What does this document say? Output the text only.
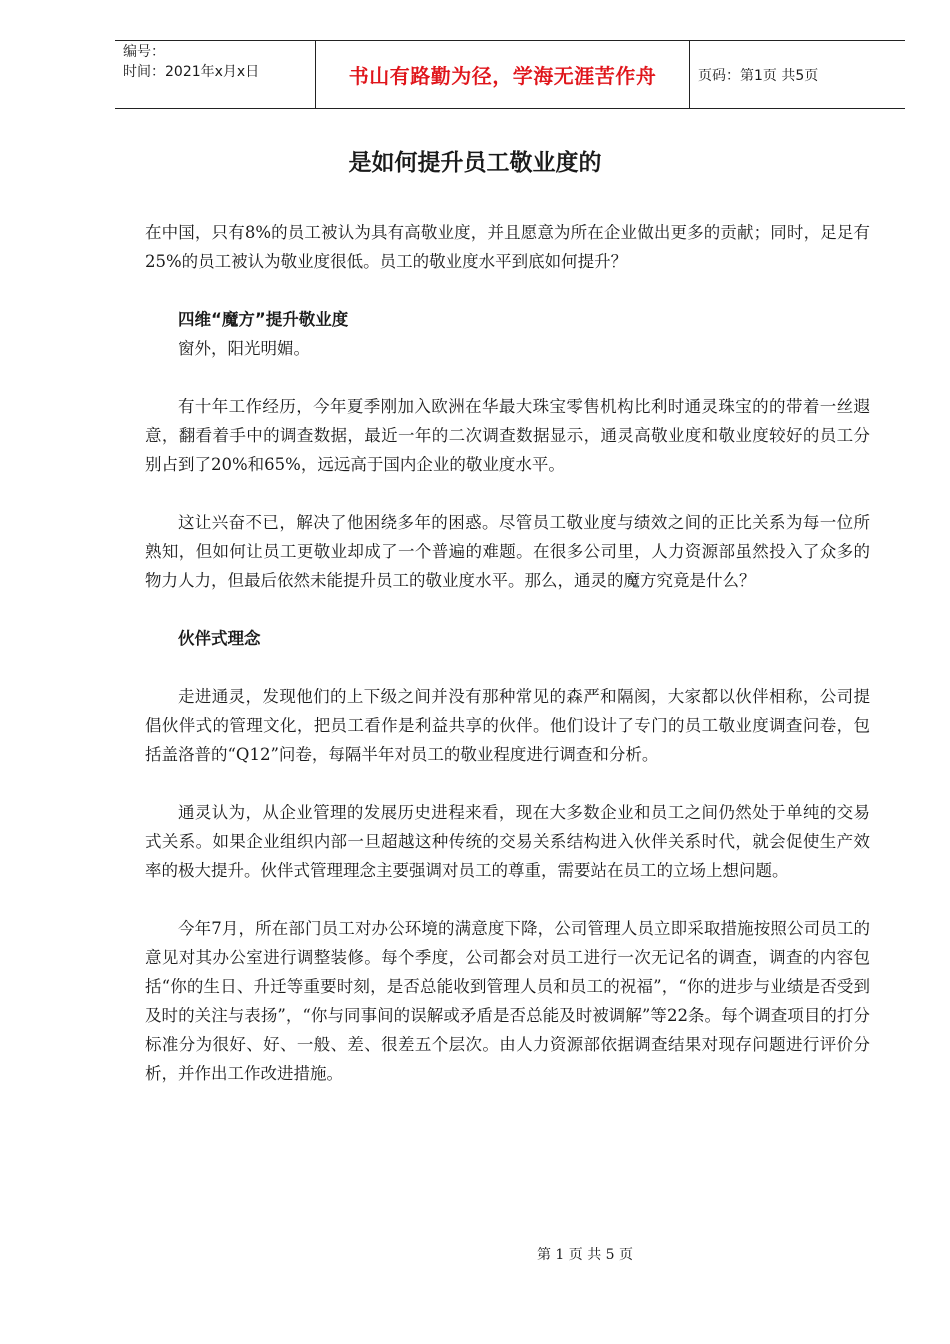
编号：
时间：2021年x月x日	书山有路勤为径，学海无涯苦作舟	页码：第1页 共5页
是如何提升员工敬业度的

在中国，只有8%的员工被认为具有高敬业度，并且愿意为所在企业做出更多的贡献；同时，足足有25%的员工被认为敬业度很低。员工的敬业度水平到底如何提升？

四维“魔方”提升敬业度

窗外，阳光明媚。

有十年工作经历，今年夏季刚加入欧洲在华最大珠宝零售机构比利时通灵珠宝的的带着一丝遐意，翻看着手中的调查数据，最近一年的二次调查数据显示，通灵高敬业度和敬业度较好的员工分别占到了20%和65%，远远高于国内企业的敬业度水平。

这让兴奋不已，解决了他困绕多年的困惑。尽管员工敬业度与绩效之间的正比关系为每一位所熟知，但如何让员工更敬业却成了一个普遍的难题。在很多公司里，人力资源部虽然投入了众多的物力人力，但最后依然未能提升员工的敬业度水平。那么，通灵的魔方究竟是什么？

伙伴式理念

走进通灵，发现他们的上下级之间并没有那种常见的森严和隔阂，大家都以伙伴相称，公司提倡伙伴式的管理文化，把员工看作是利益共享的伙伴。他们设计了专门的员工敬业度调查问卷，包括盖洛普的“Q12”问卷，每隔半年对员工的敬业程度进行调查和分析。

通灵认为，从企业管理的发展历史进程来看，现在大多数企业和员工之间仍然处于单纯的交易式关系。如果企业组织内部一旦超越这种传统的交易关系结构进入伙伴关系时代，就会促使生产效率的极大提升。伙伴式管理理念主要强调对员工的尊重，需要站在员工的立场上想问题。

今年7月，所在部门员工对办公环境的满意度下降，公司管理人员立即采取措施按照公司员工的意见对其办公室进行调整装修。每个季度，公司都会对员工进行一次无记名的调查，调查的内容包括“你的生日、升迁等重要时刻，是否总能收到管理人员和员工的祝福”，“你的进步与业绩是否受到及时的关注与表扬”，“你与同事间的误解或矛盾是否总能及时被调解”等22条。每个调查项目的打分标准分为很好、好、一般、差、很差五个层次。由人力资源部依据调查结果对现存问题进行评价分析，并作出工作改进措施。

第 1 页 共 5 页
